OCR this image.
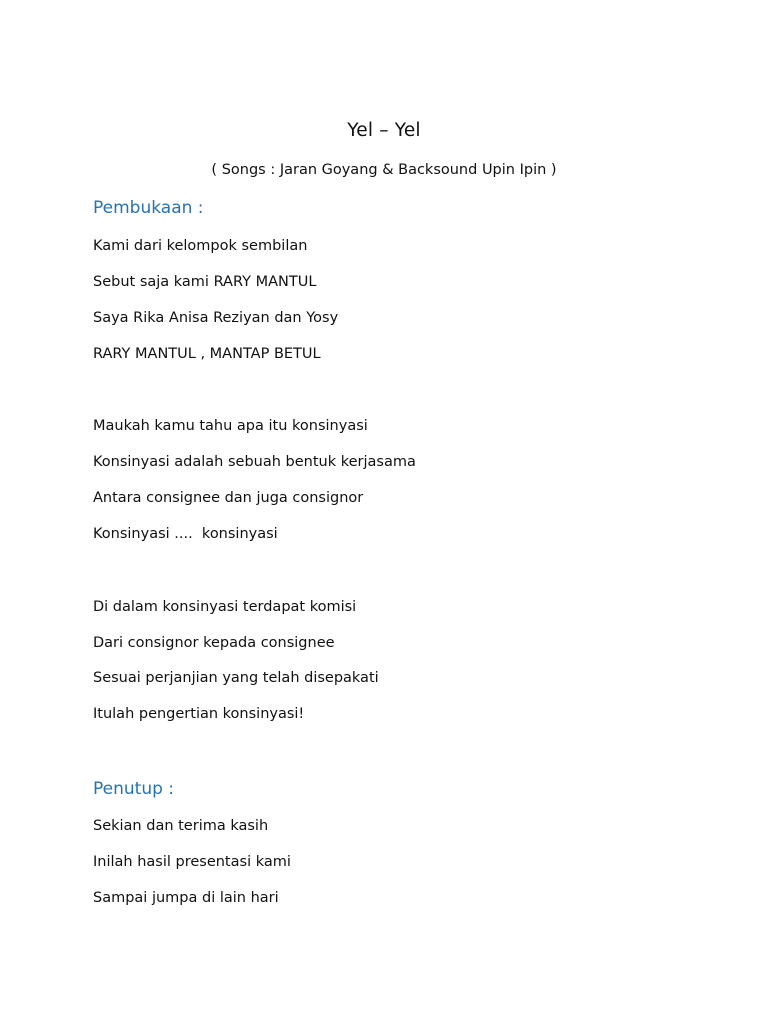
Yel – Yel
( Songs : Jaran Goyang & Backsound Upin Ipin )
Pembukaan :
Kami dari kelompok sembilan
Sebut saja kami RARY MANTUL
Saya Rika Anisa Reziyan dan Yosy
RARY MANTUL , MANTAP BETUL
Maukah kamu tahu apa itu konsinyasi
Konsinyasi adalah sebuah bentuk kerjasama
Antara consignee dan juga consignor
Konsinyasi ....  konsinyasi
Di dalam konsinyasi terdapat komisi
Dari consignor kepada consignee
Sesuai perjanjian yang telah disepakati
Itulah pengertian konsinyasi!
Penutup :
Sekian dan terima kasih
Inilah hasil presentasi kami
Sampai jumpa di lain hari
